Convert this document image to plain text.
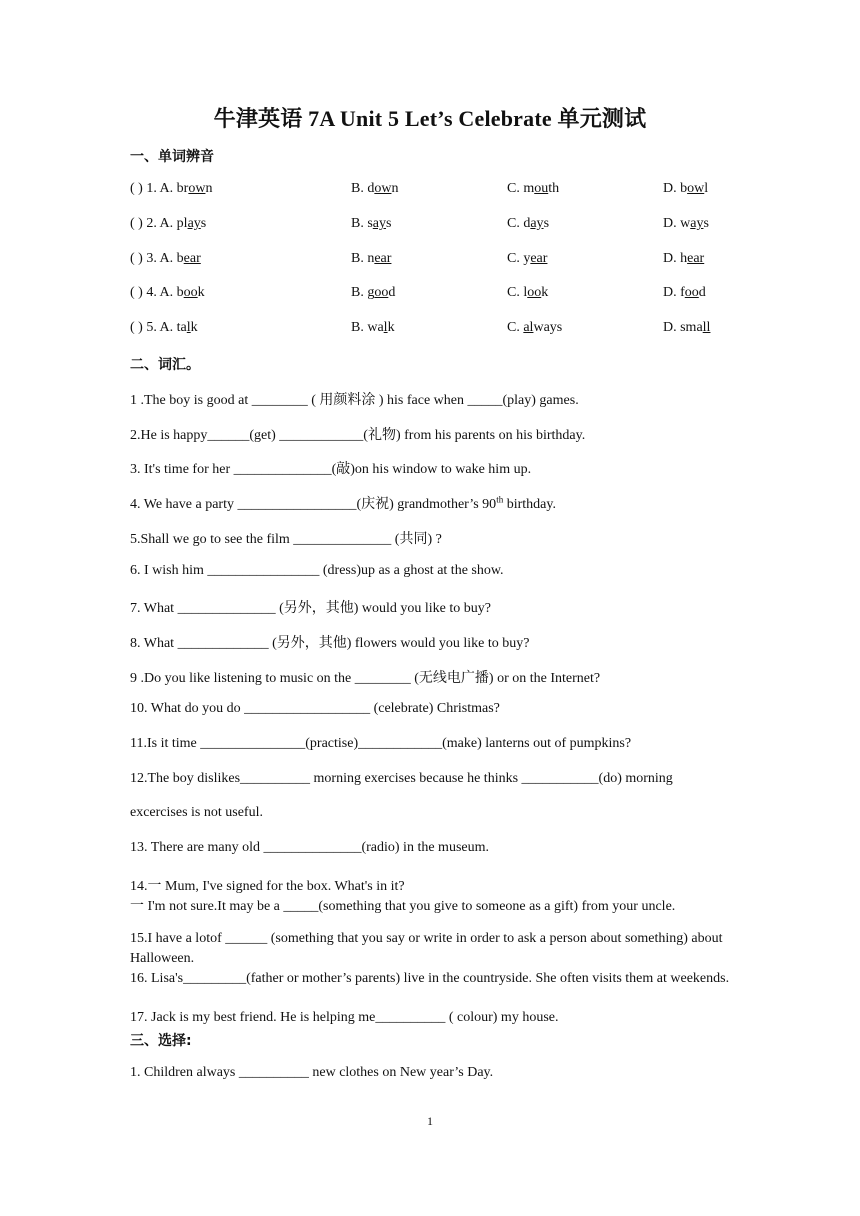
牛津英语 7A Unit 5 Let’s Celebrate 单元测试
一、单词辨音
( ) 1. A. brown	B. down	C. mouth	D. bowl
( ) 2. A. plays	B. says	C. days	D. ways
( ) 3. A. bear	B. near	C. year	D. hear
( ) 4. A. book	B. good	C. look	D. food
( ) 5. A. talk	B. walk	C. always	D. small
二、词汇。
1 .The boy is good at ________ ( 用颜料涂 ) his face when _____(play) games.
2.He is happy______(get) ____________(礼物) from his parents on his birthday.
3. It's time for her ______________(敲)on his window to wake him up.
4. We have a party _________________(庆祝) grandmother’s 90th birthday.
5.Shall we go to see the film ______________ (共同) ?
6. I wish him ________________ (dress)up as a ghost at the show.
7. What ______________ (另外，其他) would you like to buy?
8. What _____________ (另外，其他) flowers would you like to buy?
9 .Do you like listening to music on the ________ (无线电广播) or on the Internet?
10. What do you do __________________ (celebrate) Christmas?
11.Is it time _______________(practise)____________(make) lanterns out of pumpkins?
12.The boy dislikes__________ morning exercises because he thinks ___________(do) morning
excercises is not useful.
13. There are many old ______________(radio) in the museum.
14.一 Mum, I've signed for the box. What's in it?
一 I'm not sure.It may be a _____(something that you give to someone as a gift) from your uncle.
15.I have a lotof ______ (something that you say or write in order to ask a person about something) about Halloween.
16. Lisa's_________(father or mother’s parents) live in the countryside. She often visits them at weekends.
17. Jack is my best friend. He is helping me__________ ( colour) my house.
三、选择:
1. Children always __________ new clothes on New year’s Day.
1
